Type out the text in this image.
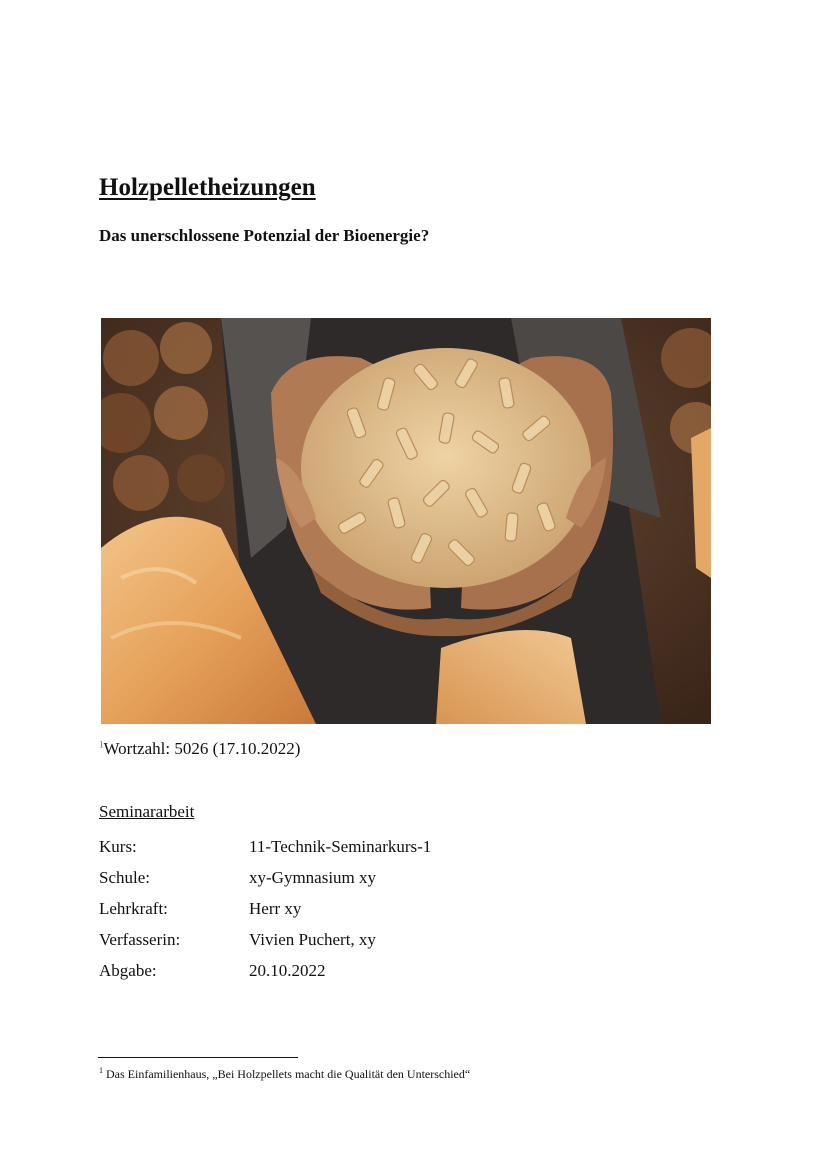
Holzpelletheizungen
Das unerschlossene Potenzial der Bioenergie?
$^1$Wortzahl: 5026 (17.10.2022)
Seminararbeit
Kurs:	11-Technik-Seminarkurs-1
Schule:	xy-Gymnasium xy
Lehrkraft:	Herr xy
Verfasserin:	Vivien Puchert, xy
Abgabe:	20.10.2022
$^1$ Das Einfamilienhaus, „Bei Holzpellets macht die Qualität den Unterschied“
